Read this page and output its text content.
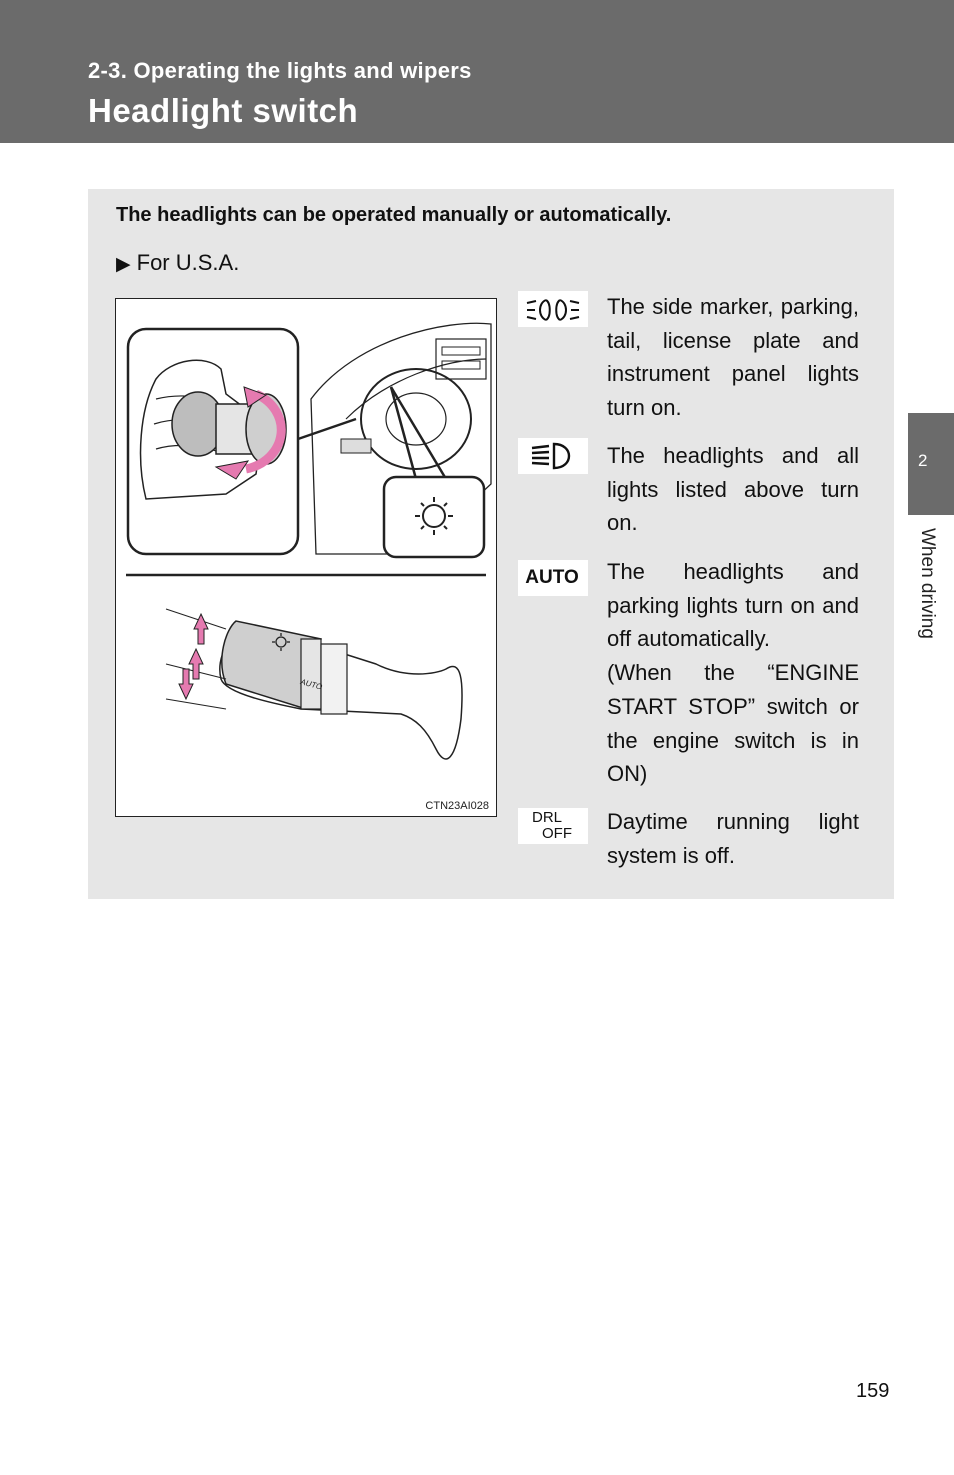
2-3. Operating the lights and wipers
Headlight switch
2
When driving
The headlights can be operated manually or automatically.
▶ For U.S.A.
AUTO
CTN23AI028
The side marker, parking, tail, license plate and instrument panel lights turn on.
The headlights and all lights listed above turn on.
AUTO	The headlights and parking lights turn on and off automatically.
(When the “ENGINE START STOP” switch or the engine switch is in ON)
DRL
OFF Daytime running light system is off.
159
